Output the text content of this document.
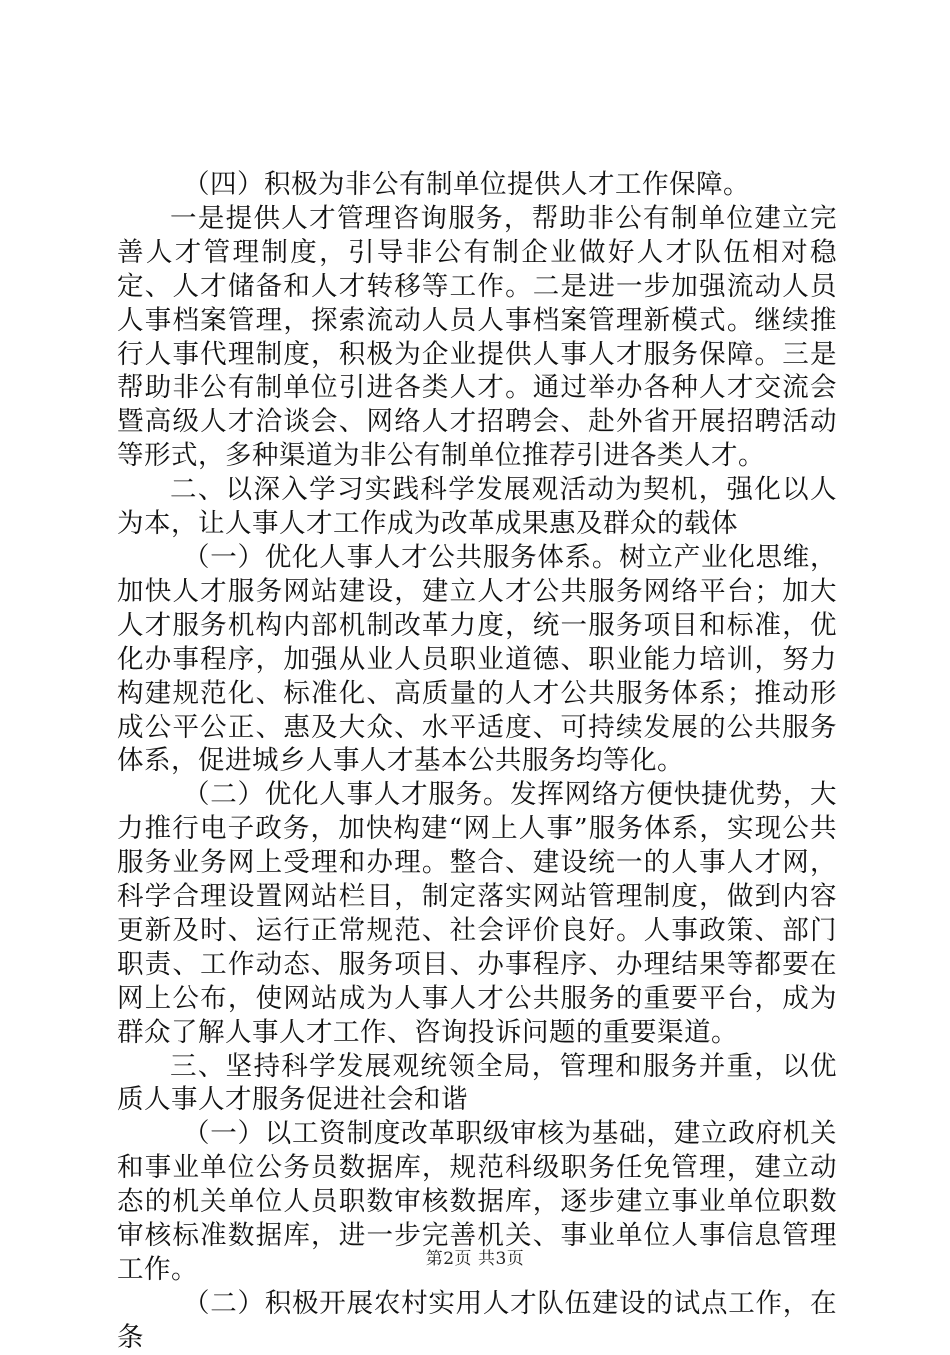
（四）积极为非公有制单位提供人才工作保障。

一是提供人才管理咨询服务，帮助非公有制单位建立完善人才管理制度，引导非公有制企业做好人才队伍相对稳定、人才储备和人才转移等工作。二是进一步加强流动人员人事档案管理，探索流动人员人事档案管理新模式。继续推行人事代理制度，积极为企业提供人事人才服务保障。三是帮助非公有制单位引进各类人才。通过举办各种人才交流会暨高级人才洽谈会、网络人才招聘会、赴外省开展招聘活动等形式，多种渠道为非公有制单位推荐引进各类人才。

二、以深入学习实践科学发展观活动为契机，强化以人为本，让人事人才工作成为改革成果惠及群众的载体

（一）优化人事人才公共服务体系。树立产业化思维，加快人才服务网站建设，建立人才公共服务网络平台；加大人才服务机构内部机制改革力度，统一服务项目和标准，优化办事程序，加强从业人员职业道德、职业能力培训，努力构建规范化、标准化、高质量的人才公共服务体系；推动形成公平公正、惠及大众、水平适度、可持续发展的公共服务体系，促进城乡人事人才基本公共服务均等化。

（二）优化人事人才服务。发挥网络方便快捷优势，大力推行电子政务，加快构建“网上人事”服务体系，实现公共服务业务网上受理和办理。整合、建设统一的人事人才网，科学合理设置网站栏目，制定落实网站管理制度，做到内容更新及时、运行正常规范、社会评价良好。人事政策、部门职责、工作动态、服务项目、办事程序、办理结果等都要在网上公布，使网站成为人事人才公共服务的重要平台，成为群众了解人事人才工作、咨询投诉问题的重要渠道。

三、坚持科学发展观统领全局，管理和服务并重，以优质人事人才服务促进社会和谐

（一）以工资制度改革职级审核为基础，建立政府机关和事业单位公务员数据库，规范科级职务任免管理，建立动态的机关单位人员职数审核数据库，逐步建立事业单位职数审核标准数据库，进一步完善机关、事业单位人事信息管理工作。

（二）积极开展农村实用人才队伍建设的试点工作，在条

第2页 共3页
